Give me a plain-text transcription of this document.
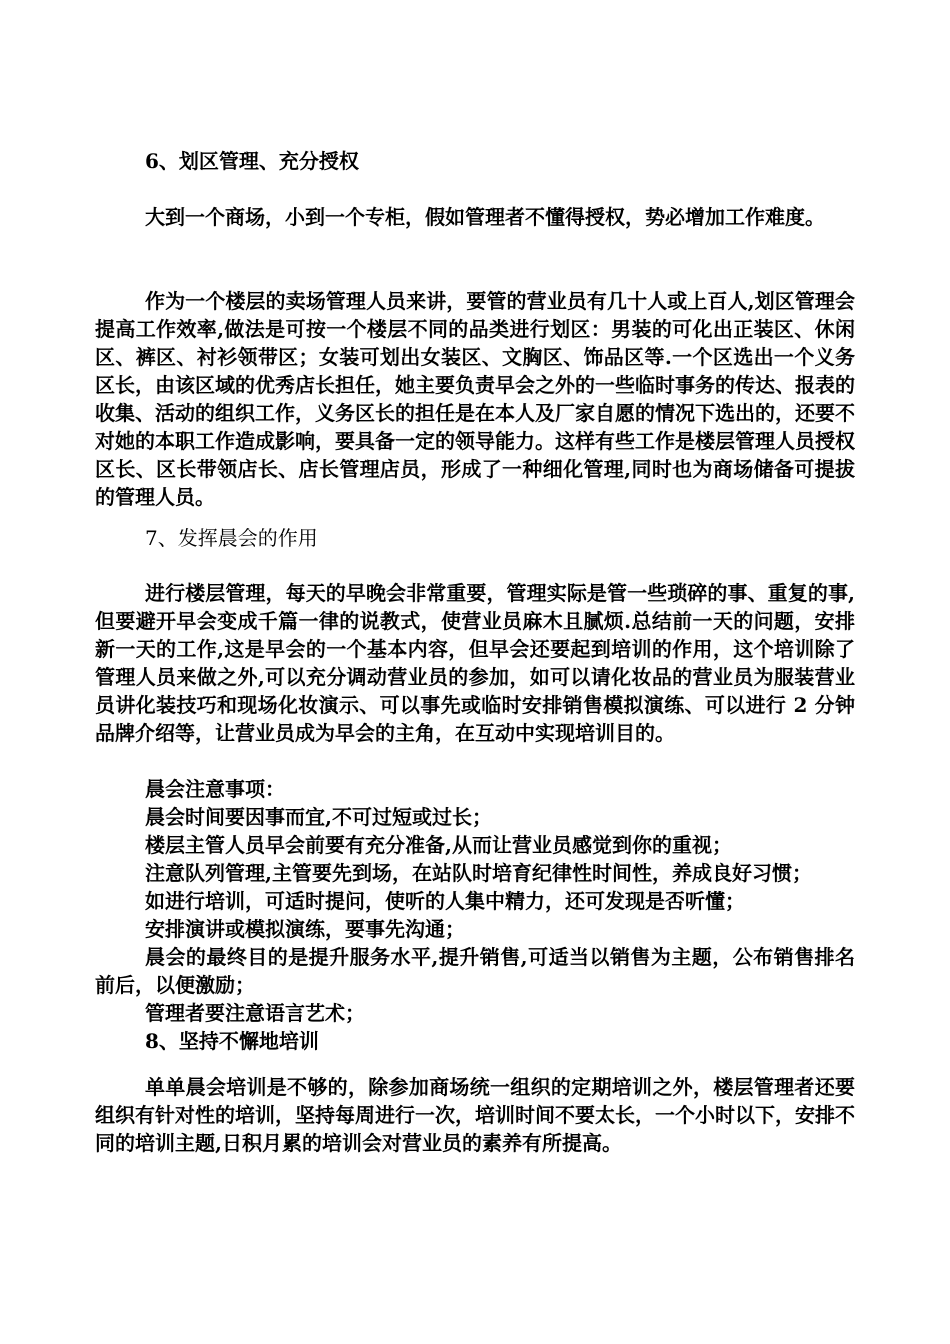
6、划区管理、充分授权
大到一个商场，小到一个专柜，假如管理者不懂得授权，势必增加工作难度。
作为一个楼层的卖场管理人员来讲，要管的营业员有几十人或上百人,划区管理会提高工作效率,做法是可按一个楼层不同的品类进行划区：男装的可化出正装区、休闲区、裤区、衬衫领带区；女装可划出女装区、文胸区、饰品区等.一个区选出一个义务区长，由该区域的优秀店长担任，她主要负责早会之外的一些临时事务的传达、报表的收集、活动的组织工作，义务区长的担任是在本人及厂家自愿的情况下选出的，还要不对她的本职工作造成影响，要具备一定的领导能力。这样有些工作是楼层管理人员授权区长、区长带领店长、店长管理店员，形成了一种细化管理,同时也为商场储备可提拔的管理人员。
7、发挥晨会的作用
进行楼层管理，每天的早晚会非常重要，管理实际是管一些琐碎的事、重复的事,但要避开早会变成千篇一律的说教式，使营业员麻木且腻烦.总结前一天的问题，安排新一天的工作,这是早会的一个基本内容，但早会还要起到培训的作用，这个培训除了管理人员来做之外,可以充分调动营业员的参加，如可以请化妆品的营业员为服装营业员讲化装技巧和现场化妆演示、可以事先或临时安排销售模拟演练、可以进行 2 分钟品牌介绍等，让营业员成为早会的主角，在互动中实现培训目的。
晨会注意事项：
晨会时间要因事而宜,不可过短或过长；
楼层主管人员早会前要有充分准备,从而让营业员感觉到你的重视；
注意队列管理,主管要先到场，在站队时培育纪律性时间性，养成良好习惯；
如进行培训，可适时提问，使听的人集中精力，还可发现是否听懂；
安排演讲或模拟演练，要事先沟通；
晨会的最终目的是提升服务水平,提升销售,可适当以销售为主题，公布销售排名前后，以便激励；
管理者要注意语言艺术；
8、坚持不懈地培训
单单晨会培训是不够的，除参加商场统一组织的定期培训之外，楼层管理者还要组织有针对性的培训，坚持每周进行一次，培训时间不要太长，一个小时以下，安排不同的培训主题,日积月累的培训会对营业员的素养有所提高。
